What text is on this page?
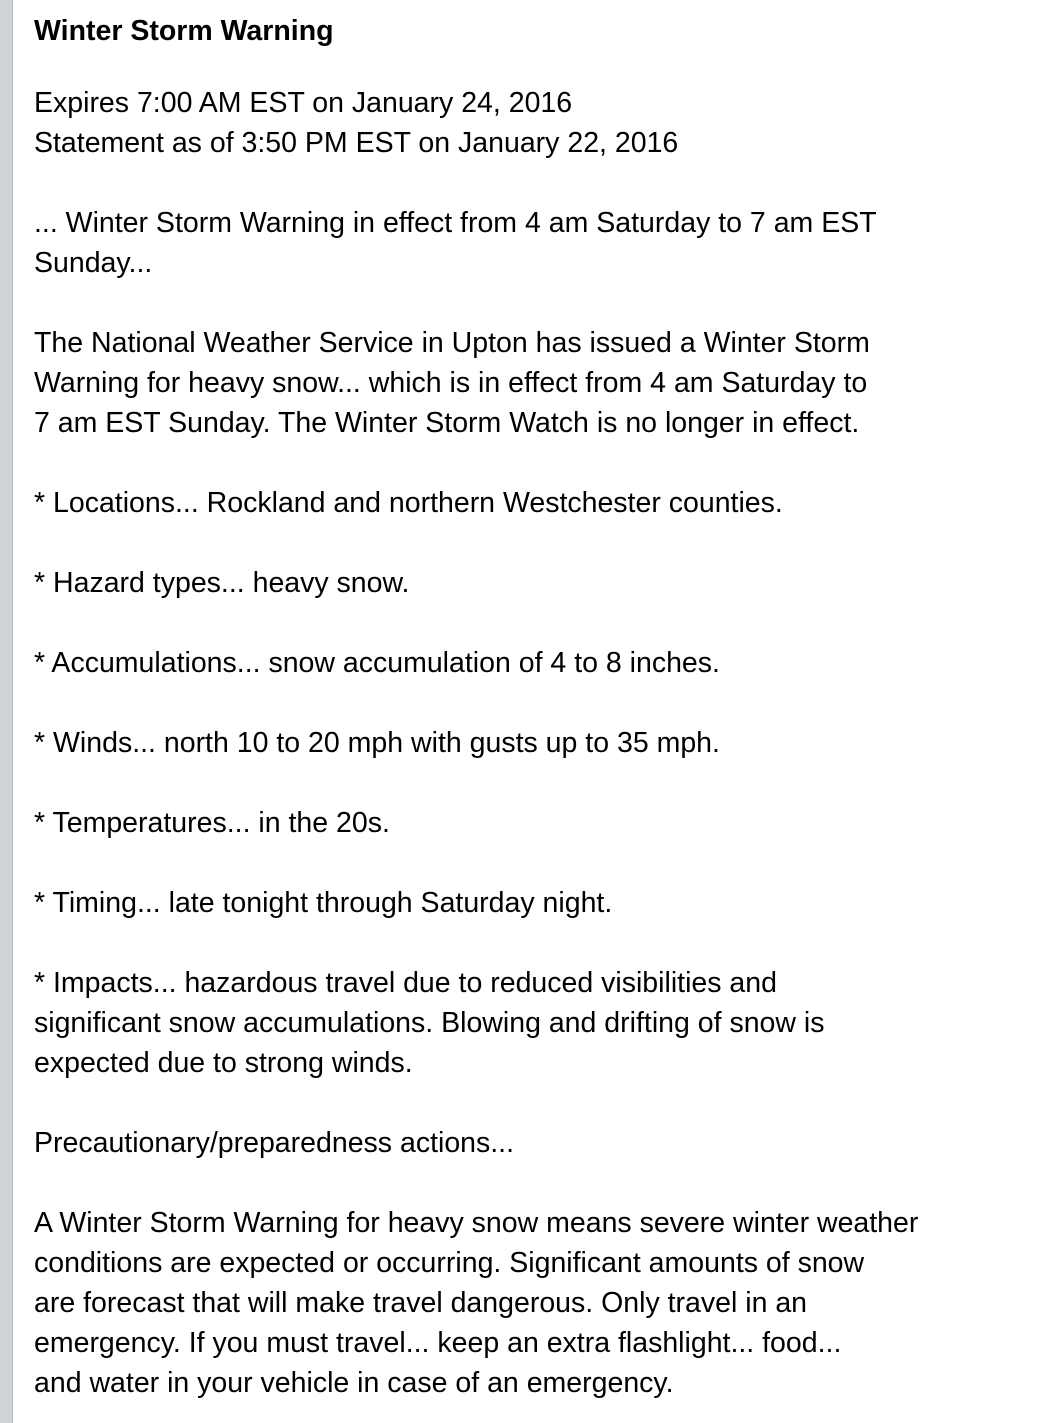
Winter Storm Warning

Expires 7:00 AM EST on January 24, 2016

Statement as of 3:50 PM EST on January 22, 2016

... Winter Storm Warning in effect from 4 am Saturday to 7 am EST

Sunday...

The National Weather Service in Upton has issued a Winter Storm

Warning for heavy snow... which is in effect from 4 am Saturday to

7 am EST Sunday. The Winter Storm Watch is no longer in effect.

* Locations... Rockland and northern Westchester counties.

* Hazard types... heavy snow.

* Accumulations... snow accumulation of 4 to 8 inches.

* Winds... north 10 to 20 mph with gusts up to 35 mph.

* Temperatures... in the 20s.

* Timing... late tonight through Saturday night.

* Impacts... hazardous travel due to reduced visibilities and

significant snow accumulations. Blowing and drifting of snow is

expected due to strong winds.

Precautionary/preparedness actions...

A Winter Storm Warning for heavy snow means severe winter weather

conditions are expected or occurring. Significant amounts of snow

are forecast that will make travel dangerous. Only travel in an

emergency. If you must travel... keep an extra flashlight... food...

and water in your vehicle in case of an emergency.
